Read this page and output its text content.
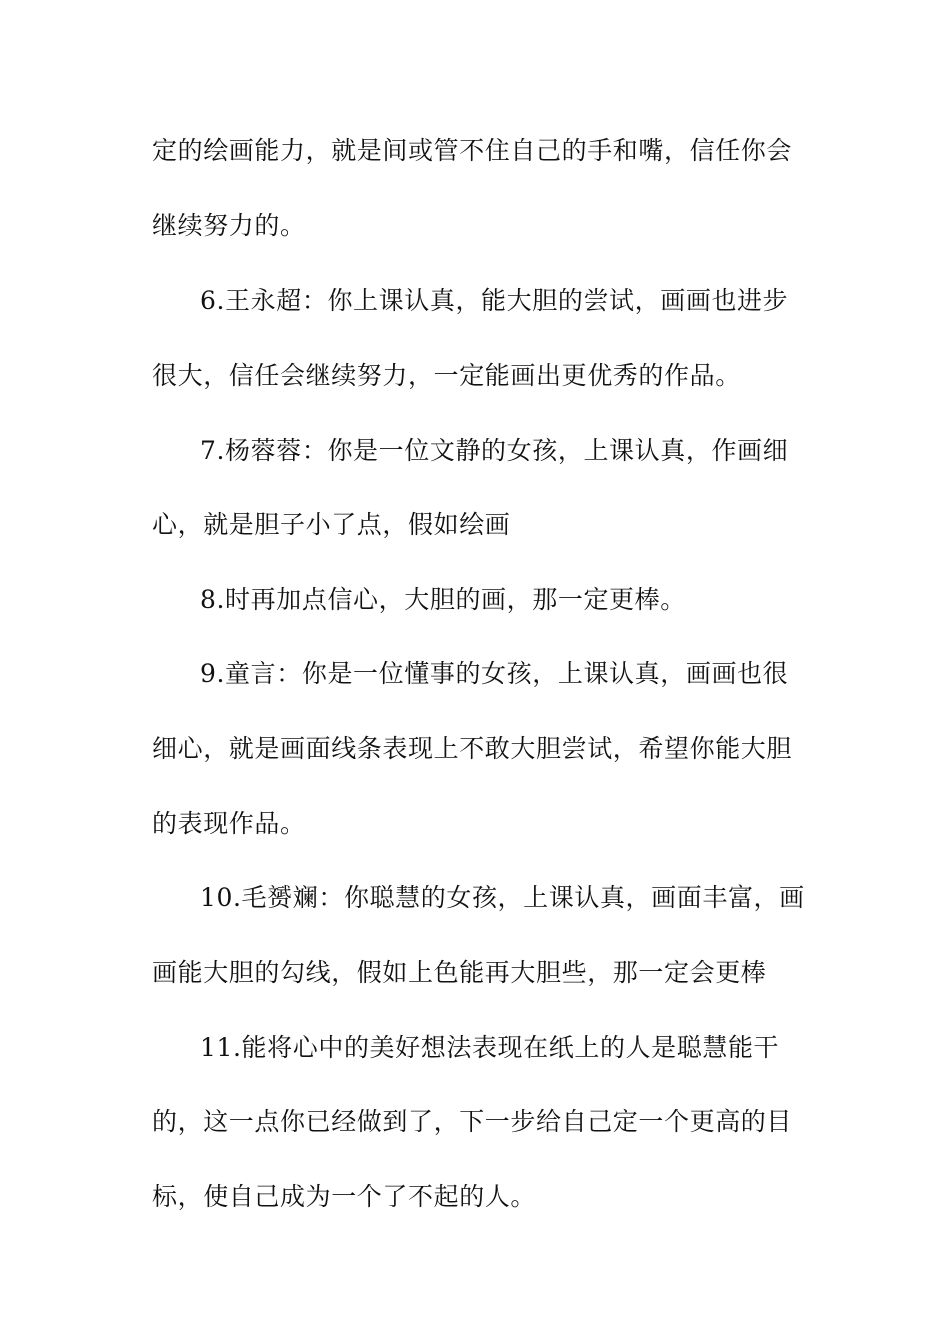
定的绘画能力，就是间或管不住自己的手和嘴，信任你会
继续努力的。
6.王永超：你上课认真，能大胆的尝试，画画也进步
很大，信任会继续努力，一定能画出更优秀的作品。
7.杨蓉蓉：你是一位文静的女孩，上课认真，作画细
心，就是胆子小了点，假如绘画
8.时再加点信心，大胆的画，那一定更棒。
9.童言：你是一位懂事的女孩，上课认真，画画也很
细心，就是画面线条表现上不敢大胆尝试，希望你能大胆
的表现作品。
10.毛赟斓：你聪慧的女孩，上课认真，画面丰富，画
画能大胆的勾线，假如上色能再大胆些，那一定会更棒
11.能将心中的美好想法表现在纸上的人是聪慧能干
的，这一点你已经做到了，下一步给自己定一个更高的目
标，使自己成为一个了不起的人。
